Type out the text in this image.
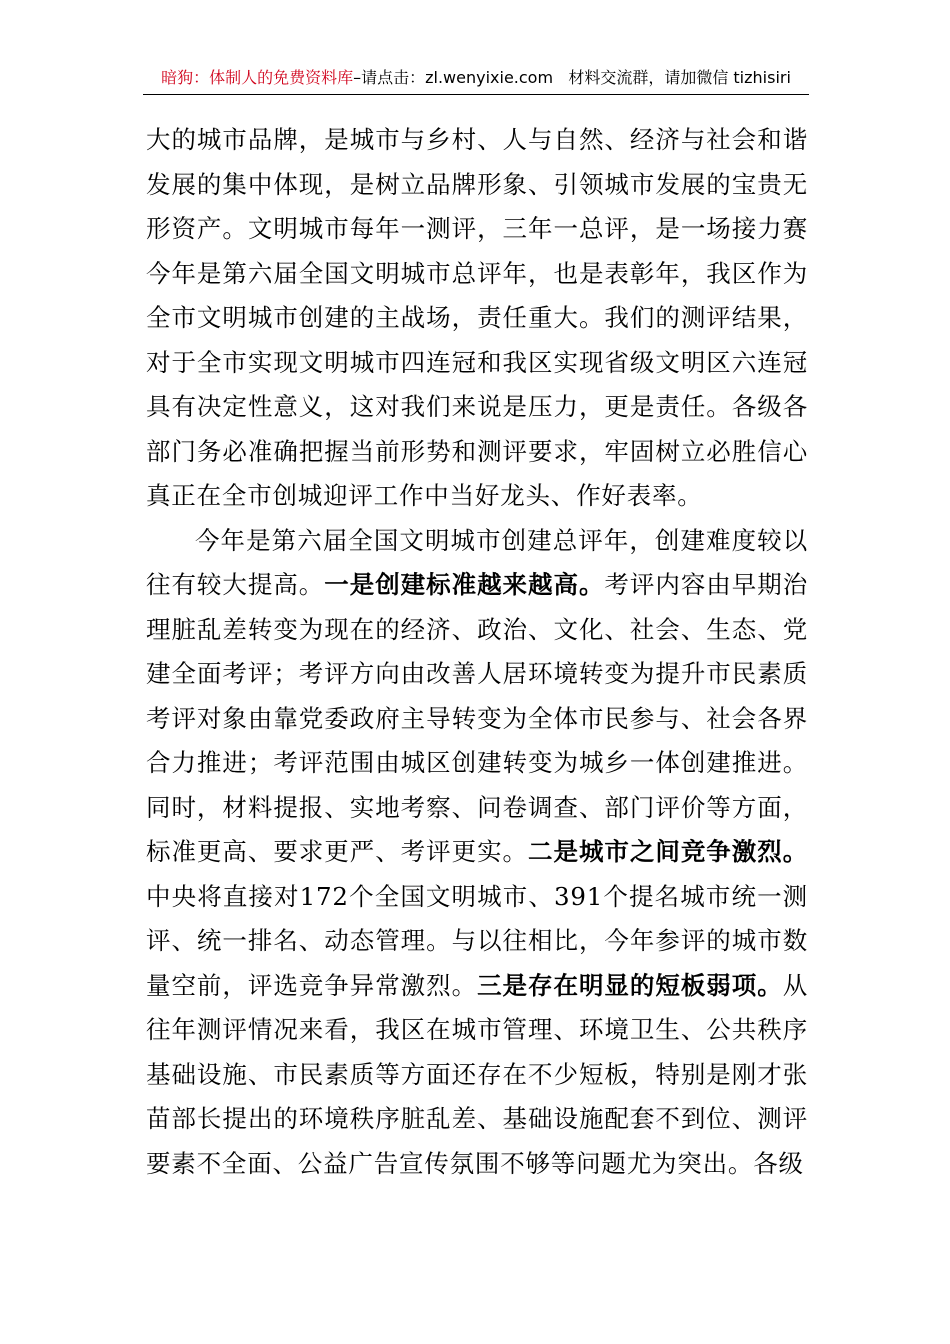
暗狗：体制人的免费资料库–请点击：zl.wenyixie.com 材料交流群，请加微信 tizhisiri

大的城市品牌，是城市与乡村、人与自然、经济与社会和谐发展的集中体现，是树立品牌形象、引领城市发展的宝贵无形资产。文明城市每年一测评，三年一总评，是一场接力赛今年是第六届全国文明城市总评年，也是表彰年，我区作为全市文明城市创建的主战场，责任重大。我们的测评结果，对于全市实现文明城市四连冠和我区实现省级文明区六连冠具有决定性意义，这对我们来说是压力，更是责任。各级各部门务必准确把握当前形势和测评要求，牢固树立必胜信心真正在全市创城迎评工作中当好龙头、作好表率。

今年是第六届全国文明城市创建总评年，创建难度较以往有较大提高。一是创建标准越来越高。考评内容由早期治理脏乱差转变为现在的经济、政治、文化、社会、生态、党建全面考评；考评方向由改善人居环境转变为提升市民素质考评对象由靠党委政府主导转变为全体市民参与、社会各界合力推进；考评范围由城区创建转变为城乡一体创建推进。同时，材料提报、实地考察、问卷调查、部门评价等方面，标准更高、要求更严、考评更实。二是城市之间竞争激烈。中央将直接对172个全国文明城市、391个提名城市统一测评、统一排名、动态管理。与以往相比，今年参评的城市数量空前，评选竞争异常激烈。三是存在明显的短板弱项。从往年测评情况来看，我区在城市管理、环境卫生、公共秩序基础设施、市民素质等方面还存在不少短板，特别是刚才张苗部长提出的环境秩序脏乱差、基础设施配套不到位、测评要素不全面、公益广告宣传氛围不够等问题尤为突出。各级
